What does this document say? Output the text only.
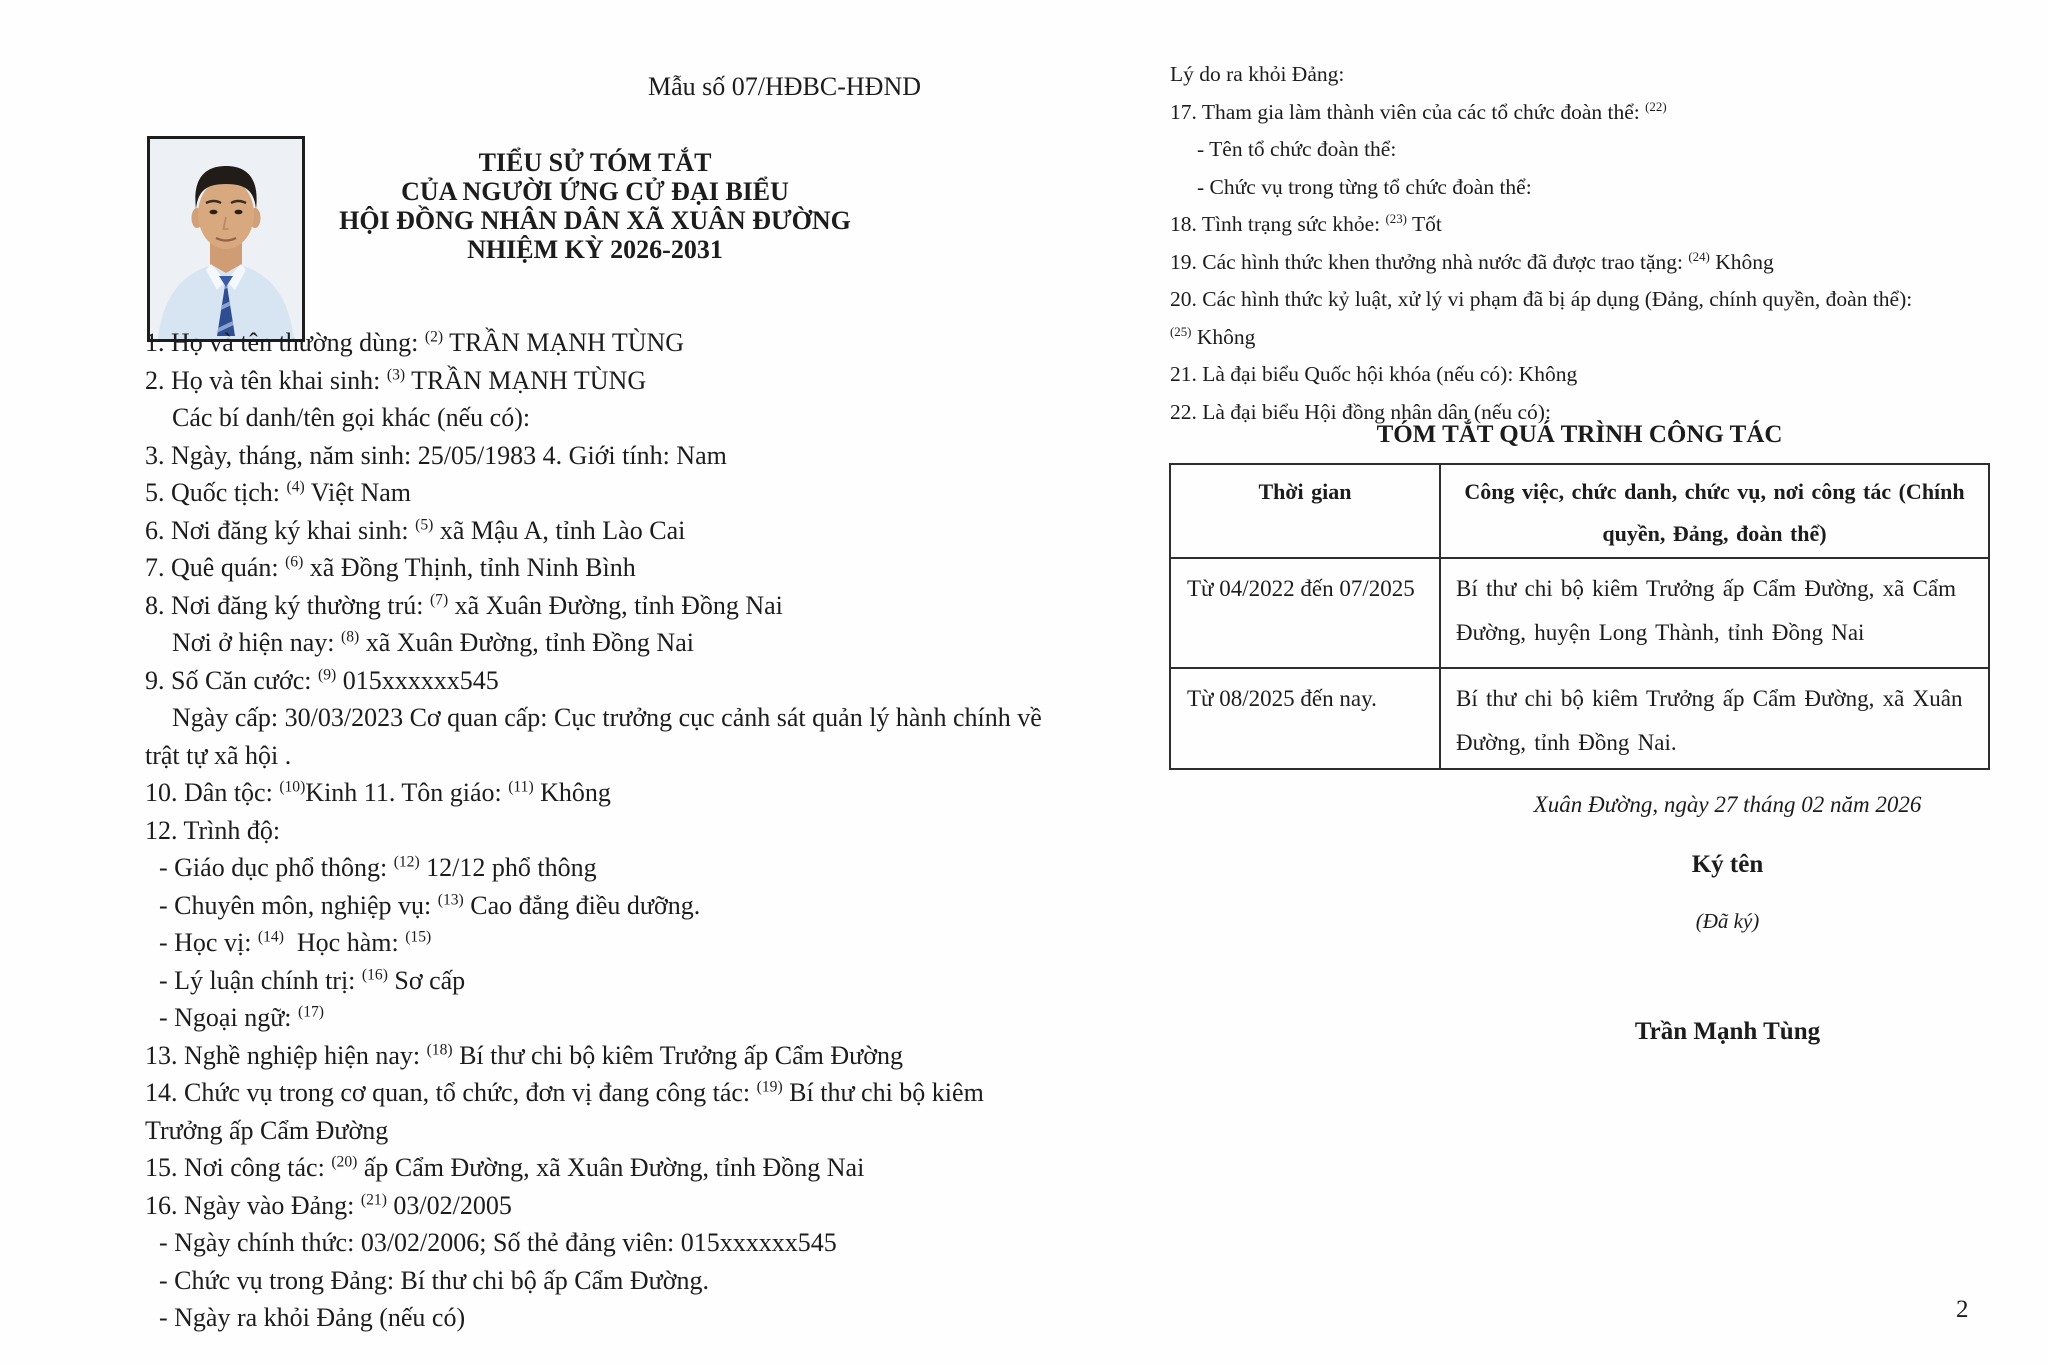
Mẫu số 07/HĐBC-HĐND
TIỂU SỬ TÓM TẮT
CỦA NGƯỜI ỨNG CỬ ĐẠI BIỂU
HỘI ĐỒNG NHÂN DÂN XÃ XUÂN ĐƯỜNG
NHIỆM KỲ 2026-2031
1. Họ và tên thường dùng: $^{(2)}$ TRẦN MẠNH TÙNG
2. Họ và tên khai sinh: $^{(3)}$ TRẦN MẠNH TÙNG
Các bí danh/tên gọi khác (nếu có):
3. Ngày, tháng, năm sinh: 25/05/1983 4. Giới tính: Nam
5. Quốc tịch: $^{(4)}$ Việt Nam
6. Nơi đăng ký khai sinh: $^{(5)}$ xã Mậu A, tỉnh Lào Cai
7. Quê quán: $^{(6)}$ xã Đồng Thịnh, tỉnh Ninh Bình
8. Nơi đăng ký thường trú: $^{(7)}$ xã Xuân Đường, tỉnh Đồng Nai
Nơi ở hiện nay: $^{(8)}$ xã Xuân Đường, tỉnh Đồng Nai
9. Số Căn cước: $^{(9)}$ 015xxxxxx545
Ngày cấp: 30/03/2023 Cơ quan cấp: Cục trưởng cục cảnh sát quản lý hành chính về
trật tự xã hội .
10. Dân tộc: $^{(10)}$Kinh 11. Tôn giáo: $^{(11)}$ Không
12. Trình độ:
- Giáo dục phổ thông: $^{(12)}$ 12/12 phổ thông
- Chuyên môn, nghiệp vụ: $^{(13)}$ Cao đẳng điều dưỡng.
- Học vị: $^{(14)}$  Học hàm: $^{(15)}$
- Lý luận chính trị: $^{(16)}$ Sơ cấp
- Ngoại ngữ: $^{(17)}$
13. Nghề nghiệp hiện nay: $^{(18)}$ Bí thư chi bộ kiêm Trưởng ấp Cẩm Đường
14. Chức vụ trong cơ quan, tổ chức, đơn vị đang công tác: $^{(19)}$ Bí thư chi bộ kiêm
Trưởng ấp Cẩm Đường
15. Nơi công tác: $^{(20)}$ ấp Cẩm Đường, xã Xuân Đường, tỉnh Đồng Nai
16. Ngày vào Đảng: $^{(21)}$ 03/02/2005
- Ngày chính thức: 03/02/2006; Số thẻ đảng viên: 015xxxxxx545
- Chức vụ trong Đảng: Bí thư chi bộ ấp Cẩm Đường.
- Ngày ra khỏi Đảng (nếu có)
Lý do ra khỏi Đảng:
17. Tham gia làm thành viên của các tổ chức đoàn thể: $^{(22)}$
- Tên tổ chức đoàn thể:
- Chức vụ trong từng tổ chức đoàn thể:
18. Tình trạng sức khỏe: $^{(23)}$ Tốt
19. Các hình thức khen thưởng nhà nước đã được trao tặng: $^{(24)}$ Không
20. Các hình thức kỷ luật, xử lý vi phạm đã bị áp dụng (Đảng, chính quyền, đoàn thể):
$^{(25)}$ Không
21. Là đại biểu Quốc hội khóa (nếu có): Không
22. Là đại biểu Hội đồng nhân dân (nếu có):
TÓM TẮT QUÁ TRÌNH CÔNG TÁC
Thời gian	Công việc, chức danh, chức vụ, nơi công tác (Chính
quyền, Đảng, đoàn thể)

Từ 04/2022 đến 07/2025	Bí thư chi bộ kiêm Trưởng ấp Cẩm Đường, xã Cẩm
Đường, huyện Long Thành, tỉnh Đồng Nai

Từ 08/2025 đến nay.	Bí thư chi bộ kiêm Trưởng ấp Cẩm Đường, xã Xuân
Đường, tỉnh Đồng Nai.
Xuân Đường, ngày 27 tháng 02 năm 2026
Ký tên
(Đã ký)
Trần Mạnh Tùng
2
